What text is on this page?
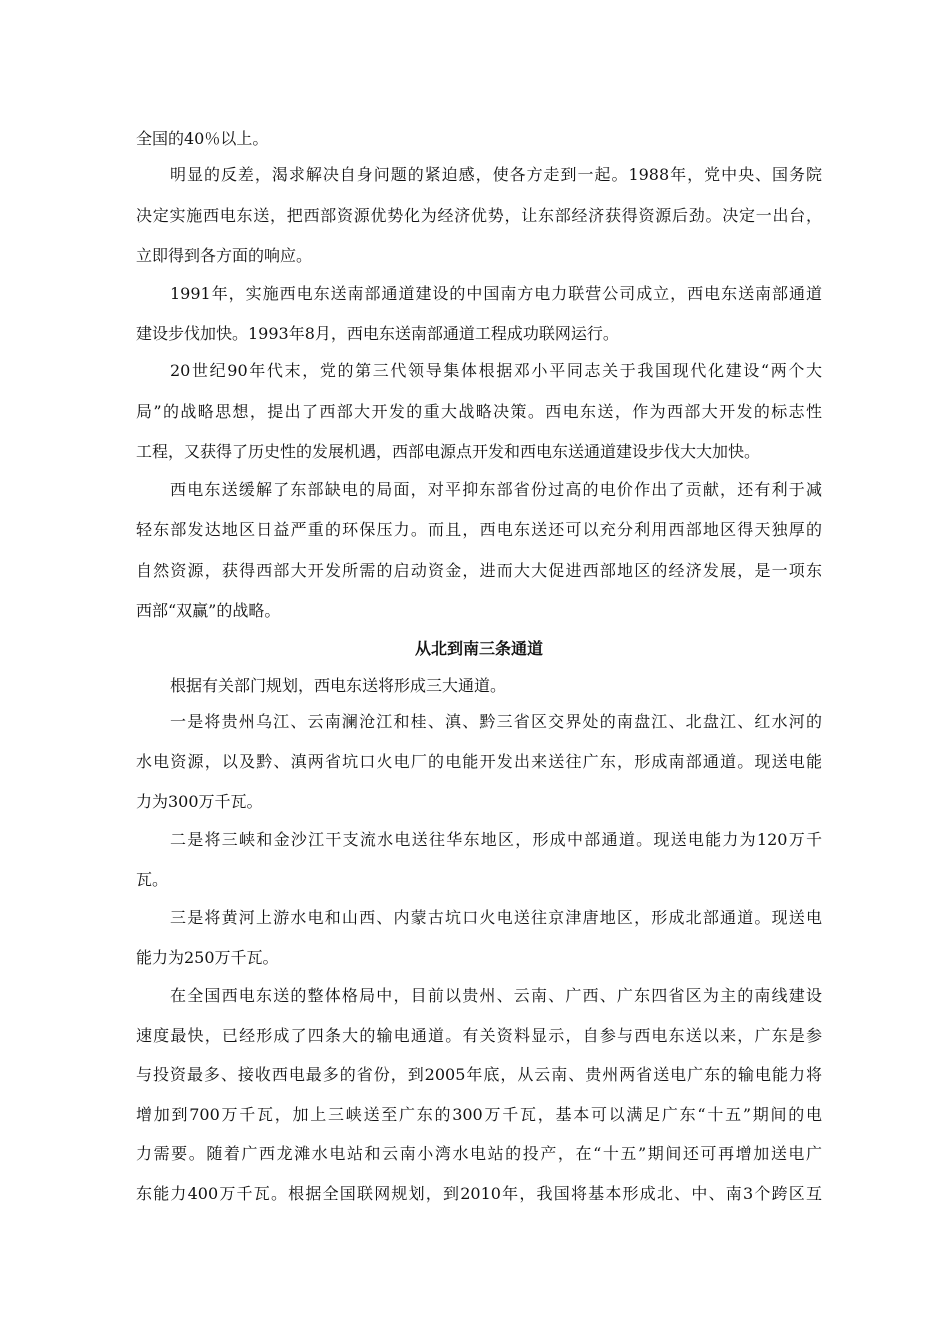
全国的40％以上。
明显的反差，渴求解决自身问题的紧迫感，使各方走到一起。1988年，党中央、国务院
决定实施西电东送，把西部资源优势化为经济优势，让东部经济获得资源后劲。决定一出台，
立即得到各方面的响应。
1991年，实施西电东送南部通道建设的中国南方电力联营公司成立，西电东送南部通道
建设步伐加快。1993年8月，西电东送南部通道工程成功联网运行。
20世纪90年代末，党的第三代领导集体根据邓小平同志关于我国现代化建设“两个大
局”的战略思想，提出了西部大开发的重大战略决策。西电东送，作为西部大开发的标志性
工程，又获得了历史性的发展机遇，西部电源点开发和西电东送通道建设步伐大大加快。
西电东送缓解了东部缺电的局面，对平抑东部省份过高的电价作出了贡献，还有利于减
轻东部发达地区日益严重的环保压力。而且，西电东送还可以充分利用西部地区得天独厚的
自然资源，获得西部大开发所需的启动资金，进而大大促进西部地区的经济发展，是一项东
西部“双赢”的战略。
从北到南三条通道
根据有关部门规划，西电东送将形成三大通道。
一是将贵州乌江、云南澜沧江和桂、滇、黔三省区交界处的南盘江、北盘江、红水河的
水电资源，以及黔、滇两省坑口火电厂的电能开发出来送往广东，形成南部通道。现送电能
力为300万千瓦。
二是将三峡和金沙江干支流水电送往华东地区，形成中部通道。现送电能力为120万千
瓦。
三是将黄河上游水电和山西、内蒙古坑口火电送往京津唐地区，形成北部通道。现送电
能力为250万千瓦。
在全国西电东送的整体格局中，目前以贵州、云南、广西、广东四省区为主的南线建设
速度最快，已经形成了四条大的输电通道。有关资料显示，自参与西电东送以来，广东是参
与投资最多、接收西电最多的省份，到2005年底，从云南、贵州两省送电广东的输电能力将
增加到700万千瓦，加上三峡送至广东的300万千瓦，基本可以满足广东“十五”期间的电
力需要。随着广西龙滩水电站和云南小湾水电站的投产，在“十五”期间还可再增加送电广
东能力400万千瓦。根据全国联网规划，到2010年，我国将基本形成北、中、南3个跨区互
